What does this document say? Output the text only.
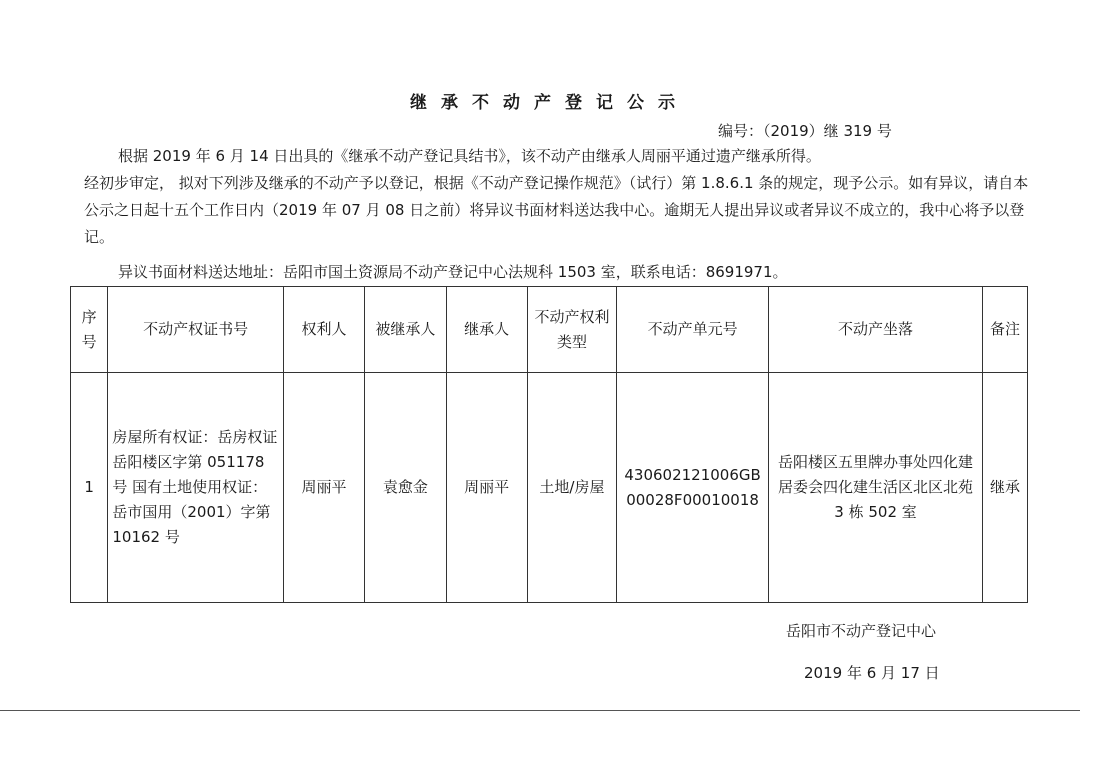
继承不动产登记公示
编号：（2019）继 319 号
根据 2019 年 6 月 14 日出具的《继承不动产登记具结书》，该不动产由继承人周丽平通过遗产继承所得。
经初步审定， 拟对下列涉及继承的不动产予以登记，根据《不动产登记操作规范》（试行）第 1.8.6.1 条的规定，现予公示。如有异议，请自本公示之日起十五个工作日内（2019 年 07 月 08 日之前）将异议书面材料送达我中心。逾期无人提出异议或者异议不成立的，我中心将予以登记。
异议书面材料送达地址：岳阳市国土资源局不动产登记中心法规科 1503 室，联系电话：8691971。
序号	不动产权证书号	权利人	被继承人	继承人	不动产权利类型	不动产单元号	不动产坐落	备注
1	房屋所有权证：岳房权证岳阳楼区字第 051178 号 国有土地使用权证：岳市国用（2001）字第 10162 号	周丽平	袁愈金	周丽平	土地/房屋	430602121006GB00028F00010018	岳阳楼区五里牌办事处四化建居委会四化建生活区北区北苑 3 栋 502 室	继承
岳阳市不动产登记中心
2019 年 6 月 17 日
